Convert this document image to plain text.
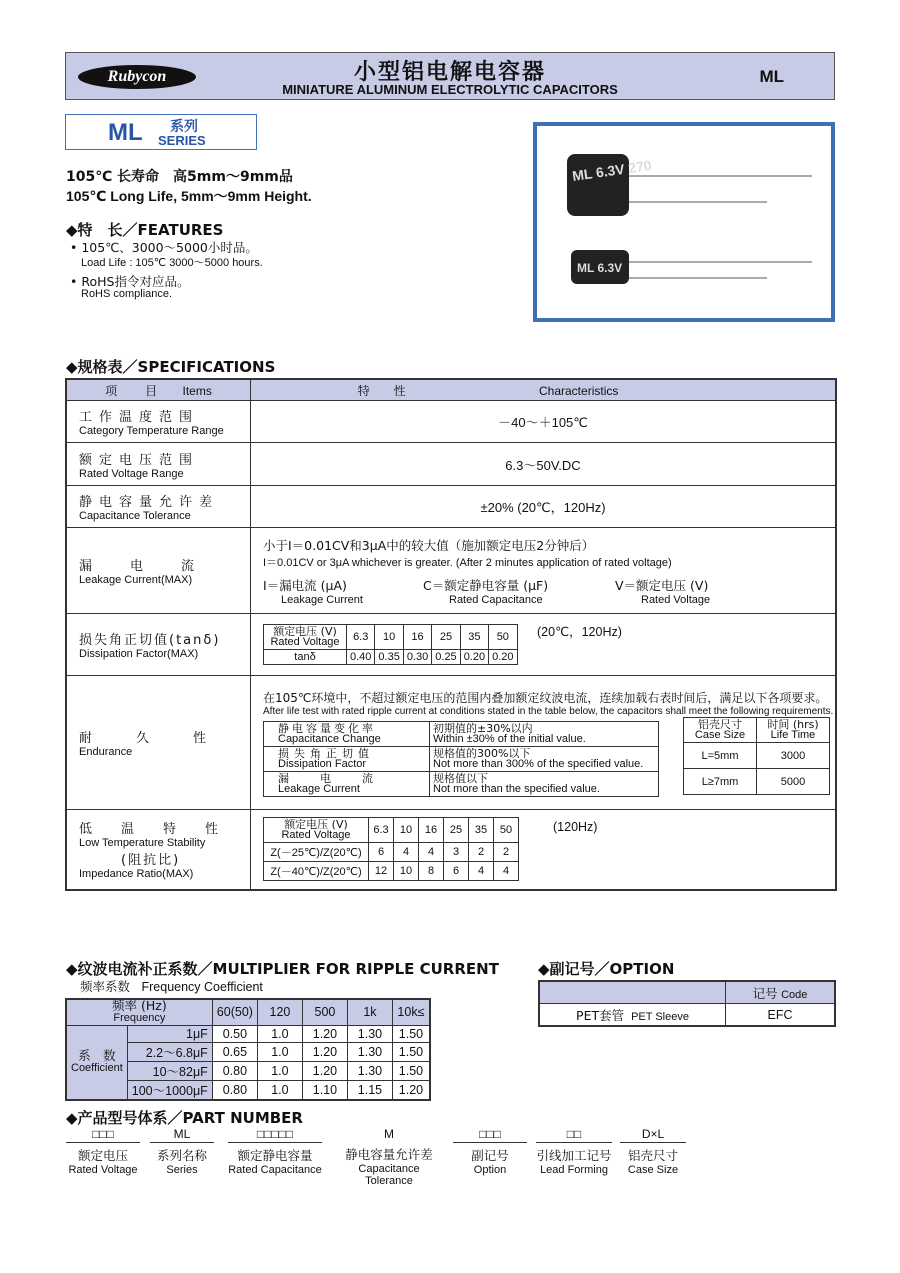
Rubycon	小型铝电解电容器
MINIATURE ALUMINUM ELECTROLYTIC CAPACITORS
ML
ML 系列
SERIES
105℃ 长寿命　高5mm～9mm品
105℃ Long Life, 5mm～9mm Height.
◆特　长／FEATURES
• 105℃、3000～5000小时品。
Load Life : 105℃ 3000～5000 hours.
• RoHS指令对应品。
RoHS compliance.
ML 6.3V 270
ML 6.3V
◆规格表／SPECIFICATIONS
项　目 Items	特　　性	Characteristics

工作温度范围
Category Temperature Range
	－40～＋105℃

额定电压范围
Rated Voltage Range
	6.3～50V.DC

静电容量允许差
Capacitance Tolerance
	±20% (20℃，120Hz)

漏　　电　　流
Leakage Current(MAX)

小于I＝0.01CV和3μA中的较大值（施加额定电压2分钟后）
I＝0.01CV or 3μA whichever is greater. (After 2 minutes application of rated voltage)
I＝漏电流 (μA)
Leakage Current
C＝额定静电容量 (μF)
Rated Capacitance
V＝额定电压 (V)
Rated Voltage

损失角正切值(tanδ)
Dissipation Factor(MAX)

额定电压 (V)
Rated Voltage	6.3	10	16	25	35	50
tanδ	0.40	0.35	0.30	0.25	0.20	0.20
(20℃，120Hz)

耐　　久　　性
Endurance

在105℃环境中，不超过额定电压的范围内叠加额定纹波电流，连续加载右表时间后，满足以下各项要求。
After life test with rated ripple current at conditions stated in the table below, the capacitors shall meet the following requirements.
静电容量变化率
Capacitance Change

初期值的±30%以内
Within ±30% of the initial value.

损失角正切值
Dissipation Factor

规格值的300%以下
Not more than 300% of the specified value.

漏　电　流
Leakage Current

规格值以下
Not more than the specified value.
铝壳尺寸
Case Size

时间 (hrs)
Life Time

L=5mm	3000
L≥7mm	5000

低　温　特　性
Low Temperature Stability
(阻抗比)
Impedance Ratio(MAX)

额定电压 (V)
Rated Voltage	6.3	10	16	25	35	50
Z(－25℃)/Z(20℃)	6	4	4	3	2	2
Z(－40℃)/Z(20℃)	12	10	8	6	4	4
(120Hz)
◆纹波电流补正系数／MULTIPLIER FOR RIPPLE CURRENT
频率系数 Frequency Coefficient
频率 (Hz)
Frequency		60(50)	120	500	1k	10k≤

系　数
Coefficient	1μF	0.50	1.0	1.20	1.30	1.50
	2.2～6.8μF	0.65	1.0	1.20	1.30	1.50
	10～82μF	0.80	1.0	1.20	1.30	1.50
	100～1000μF	0.80	1.0	1.10	1.15	1.20
◆副记号／OPTION
	记号 Code
PET套管 PET Sleeve	EFC
◆产品型号体系／PART NUMBER
□□□
额定电压
Rated Voltage
ML
系列名称
Series
□□□□□
额定静电容量
Rated Capacitance
M
静电容量允许差
Capacitance Tolerance
□□□
副记号
Option
□□
引线加工记号
Lead Forming
D×L
铝壳尺寸
Case Size
